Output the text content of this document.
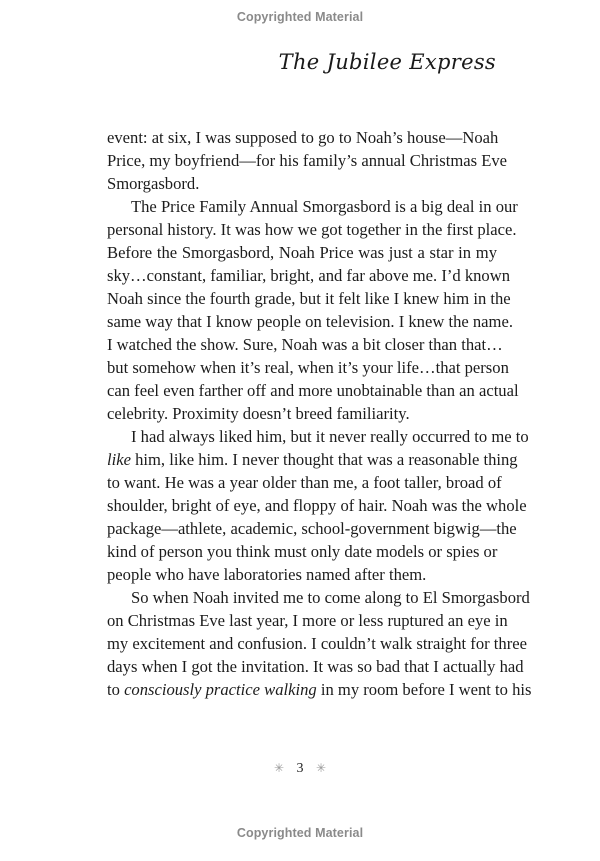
Copyrighted Material
The Jubilee Express
event: at six, I was supposed to go to Noah’s house—Noah
Price, my boyfriend—for his family’s annual Christmas Eve
Smorgasbord.
The Price Family Annual Smorgasbord is a big deal in our
personal history. It was how we got together in the first place.
Before the Smorgasbord, Noah Price was just a star in my
sky…constant, familiar, bright, and far above me. I’d known
Noah since the fourth grade, but it felt like I knew him in the
same way that I know people on television. I knew the name.
I watched the show. Sure, Noah was a bit closer than that…
but somehow when it’s real, when it’s your life…that person
can feel even farther off and more unobtainable than an actual
celebrity. Proximity doesn’t breed familiarity.
I had always liked him, but it never really occurred to me to
like him, like him. I never thought that was a reasonable thing
to want. He was a year older than me, a foot taller, broad of
shoulder, bright of eye, and floppy of hair. Noah was the whole
package—athlete, academic, school-government bigwig—the
kind of person you think must only date models or spies or
people who have laboratories named after them.
So when Noah invited me to come along to El Smorgasbord
on Christmas Eve last year, I more or less ruptured an eye in
my excitement and confusion. I couldn’t walk straight for three
days when I got the invitation. It was so bad that I actually had
to consciously practice walking in my room before I went to his
✳ 3 ✳
Copyrighted Material
